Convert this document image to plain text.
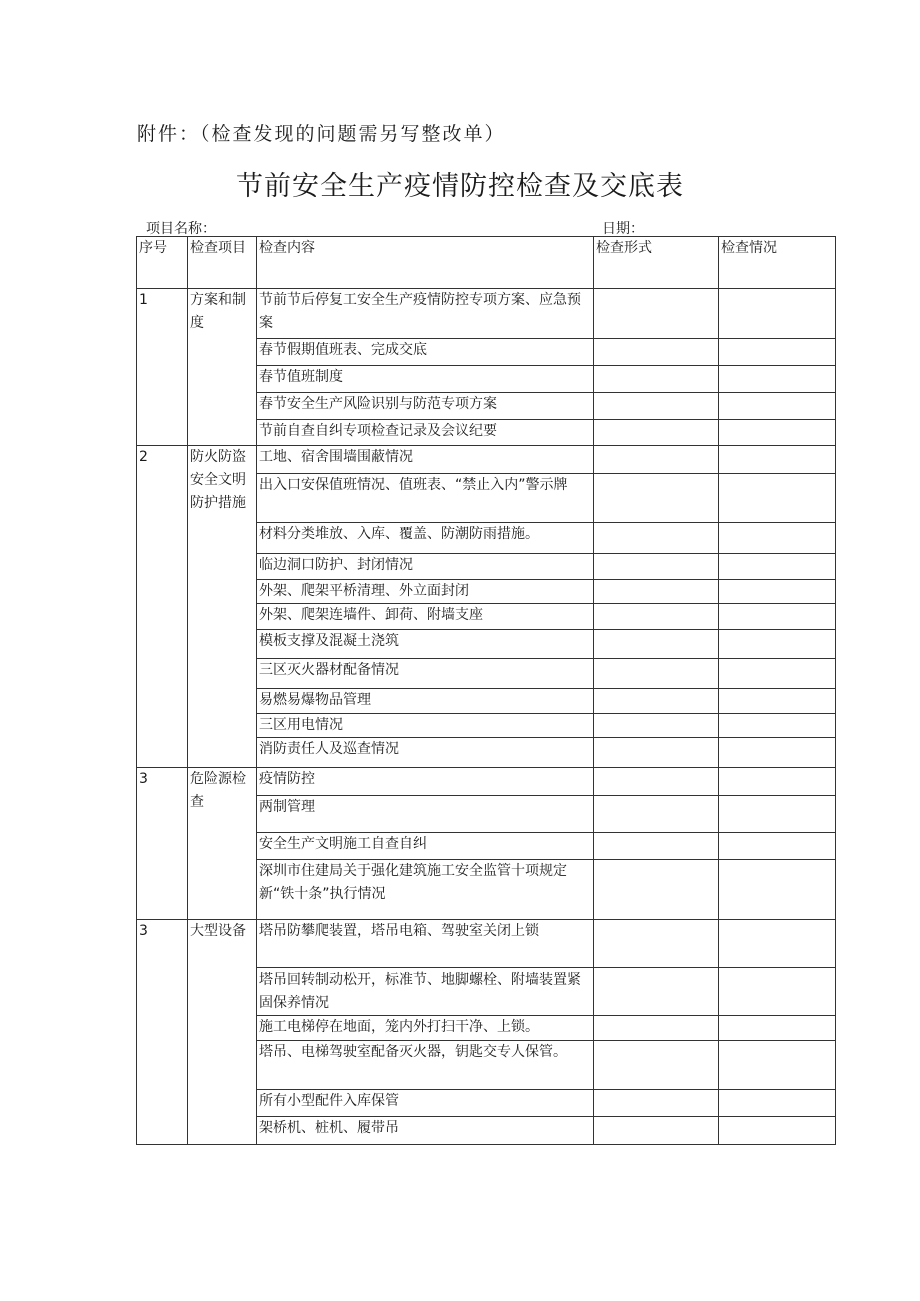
附件：（检查发现的问题需另写整改单）
节前安全生产疫情防控检查及交底表
项目名称：	日期：
序号	检查项目	检查内容	检查形式	检查情况
1	方案和制度	节前节后停复工安全生产疫情防控专项方案、应急预案		
		春节假期值班表、完成交底		
		春节值班制度		
		春节安全生产风险识别与防范专项方案		
		节前自查自纠专项检查记录及会议纪要		
2	防火防盗安全文明防护措施	工地、宿舍围墙围蔽情况		
		出入口安保值班情况、值班表、“禁止入内”警示牌		
		材料分类堆放、入库、覆盖、防潮防雨措施。		
		临边洞口防护、封闭情况		
		外架、爬架平桥清理、外立面封闭		
		外架、爬架连墙件、卸荷、附墙支座		
		模板支撑及混凝土浇筑		
		三区灭火器材配备情况		
		易燃易爆物品管理		
		三区用电情况		
		消防责任人及巡查情况		
3	危险源检查	疫情防控		
		两制管理		
		安全生产文明施工自查自纠		
		深圳市住建局关于强化建筑施工安全监管十项规定新“铁十条”执行情况		
3	大型设备	塔吊防攀爬装置，塔吊电箱、驾驶室关闭上锁		
		塔吊回转制动松开，标准节、地脚螺栓、附墙装置紧固保养情况		
		施工电梯停在地面，笼内外打扫干净、上锁。		
		塔吊、电梯驾驶室配备灭火器，钥匙交专人保管。		
		所有小型配件入库保管		
		架桥机、桩机、履带吊		
